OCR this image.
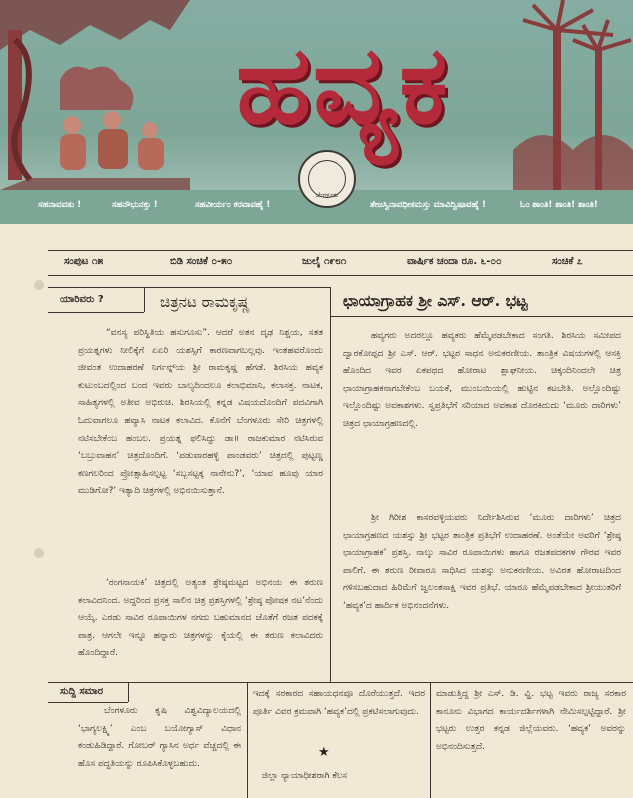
ಹವ್ಯಕ
ಸಹನಾವವತು !	ಸಹನೌಭುನಕ್ತು !	ಸಹವೀರ್ಯಂ ಕರವಾವಹೈ !	ತೇಜಸ್ವಿನಾವಧೀತಮಸ್ತು ಮಾವಿದ್ವಿಷಾವಹೈ !	ಓಂ ಶಾಂತಿ! ಶಾಂತಿ! ಶಾಂತಿ!
ಬೆಂಗಳೂರು
ಸಂಪುಟ ೧೫	ಬಿಡಿ ಸಂಚಿಕೆ ೦-೫೦	ಜುಲೈ ೧೯೮೧	ವಾರ್ಷಿಕ ಚಂದಾ ರೂ. ೬-೦೦	ಸಂಚಿಕೆ ೭
ಯಾರಿವರು ?	ಚಿತ್ರನಟ ರಾಮಕೃಷ್ಣ

“ವನಸ್ಯ ಪರಿಸ್ಥಿತಿಯ ಹಸುಗೂಸು”. ಆದರೆ ಅತನ ದೃಢ ನಿಶ್ಚಯ, ಸತತ ಪ್ರಯತ್ನಗಳು ನೀಲಿಕ್ಕೆಗೆ ಏಏರಿ ಯಶಸ್ಸಿಗೆ ಕಾರಣವಾಗಬಲ್ಲವು. ಇಂತಹವರೊಂದು ಜೀವಂತ ಉದಾಹರಣೆ ನಿರ್ಗನ್ನ್‌ಯ ಶ್ರೀ ರಾಮಕೃಷ್ಣ ಹೆಗಡೆ. ಶಿರಸಿಯ ಹವ್ಯಕ ಕುಟುಂಬದಲ್ಲಿಂದ ಬಂದ ಇವರು ಬಾಲ್ಯದಿಂದಲೂ ಕಲಾಭಿಮಾನಿ, ಕಲಾಸಕ್ತ. ನಾಟಕ, ಸಾಹಿತ್ಯಗಳಲ್ಲಿ ಅತೀವ ಅಭಿರುಚಿ. ಶಿರಸಿಯಲ್ಲಿ ಕನ್ನಡ ವಿಷಯದೊಂದಿಗೆ ಪದವಿಗಾಗಿ ಓದುವಾಗಲೂ ಹವ್ಯಾಸಿ ನಾಟಕ ಕಲಾವಿದ. ಕೊನೆಗೆ ಬೆಂಗಳೂರು ಸೇರಿ ಚಿತ್ರಗಳಲ್ಲಿ ನಟಿಸಬೇಕೆಂಬ ಹಂಬಲ. ಪ್ರಯತ್ನ ಫಲಿಸಿದ್ದು ಡಾ॥ ರಾಜಕುಮಾರ ನಟಿಸಿರುವ ‘ಬಬ್ರುವಾಹನ’ ಚಿತ್ರದೊಂದಿಗೆ. ‘ಪಡುವಾರಹಳ್ಳಿ ಪಾಂಡವರು’ ಚಿತ್ರದಲ್ಲಿ ಪುಟ್ಟಣ್ಣ ಕಣಗಲರಿಂದ ಪ್ರೋತ್ಸಾಹಿಸಲ್ಪಟ್ಟ ‘ಸಬ್ಬಸಟ್ಟಕ್ಕ ನಾನೇನು?’, ‘ಯಾವ ಹೂವು ಯಾರ ಮುಡಿಗೋ?’ ಇತ್ಯಾದಿ ಚಿತ್ರಗಳಲ್ಲಿ ಅಭಿನಯಿಸುತ್ತಾನೆ.

‘ರಂಗನಾಯಕಿ’ ಚಿತ್ರದಲ್ಲಿ ಅತ್ಯಂತ ಶ್ರೇಷ್ಠಮಟ್ಟದ ಅಭಿನಯ ಈ ತರುಣ ಕಲಾವಿದನಿಂದ. ಅದ್ದರಿಂದ ಪ್ರಸಕ್ತ ಸಾಲಿನ ಚಿತ್ರ ಪ್ರಶಸ್ತಿಗಳಲ್ಲಿ ‘ಶ್ರೇಷ್ಠ ಪೋಷಕ ನಟ’ನೆಂದು ಆಯ್ಕೆ. ಎರಡು ಸಾವಿರ ರೂಪಾಯಿಗಳ ನಗದು ಬಹುಮಾನದ ಜೊತೆಗೆ ರಜತ ಪದಕಕ್ಕೆ ಪಾತ್ರ. ಆಗಲೇ ಇನ್ನೂ ಹನ್ನಾರು ಚಿತ್ರಗಳನ್ನು ಕೈಯಲ್ಲಿ ಈ ತರುಣ ಕಲಾವಿದರು ಹೊಂದಿದ್ದಾರೆ.

ಛಾಯಾಗ್ರಾಹಕ ಶ್ರೀ ಎಸ್. ಆರ್. ಭಟ್ಟ

ಹವ್ಯಗರು ಅದರಲ್ಲೂ ಹವ್ಯಕರು ಹೆಮ್ಮೆಪಡಬೇಕಾದ ಸಂಗತಿ. ಶಿರಸಿಯ ಸಮೀಪದ ದ್ವಾರಕೋಪ್ಪದ ಶ್ರೀ ಎಸ್. ಆರ್. ಭಟ್ಟರ ಸಾಧನ ಅನುಕರಣೀಯ. ತಾಂತ್ರಿಕ ವಿಷಯಗಳಲ್ಲಿ ಆಸಕ್ತಿ ಹೊಂದಿದ ಇವರ ಏಕಪಥದ ಹೋರಾಟ ಶ್ಲಾಘನೀಯ. ಚಿಕ್ಕಂದಿನಿಂದಲೇ ಚಿತ್ರ ಛಾಯಾಗ್ರಾಹಕನಾಗಬೇಕೆಂಬ ಬಯಕೆ, ಮುಂಬಯಿಯಲ್ಲಿ ಹುಟ್ಟಿನ ಕಟಬೇತಿ. ಅಲ್ಲೊಂದಿಷ್ಟು ಇಲ್ಲೊಂದಿಷ್ಟು ಅವಕಾಶಗಳು. ಸ್ವಪ್ರತಿಭೆಗೆ ಸರಿಯಾದ ಅವಕಾಶ ದೊರಕಿದುದು ‘ಮೂರು ದಾರಿಗಳು’ ಚಿತ್ರದ ಛಾಯಾಗ್ರಹಣದಲ್ಲಿ.

ಶ್ರೀ ಗಿರೀಶ ಕಾಸರವಳ್ಳಿಯವರು ನಿರ್ದೇಶಿಸಿರುವ ‘ಮೂರು ದಾರಿಗಳು’ ಚಿತ್ರದ ಛಾಯಾಗ್ರಹಣದ ಯಶಸ್ಸು ಶ್ರೀ ಭಟ್ಟರ ತಾಂತ್ರಿಕ ಪ್ರತಿಭೆಗೆ ಉದಾಹರಣೆ. ಅಂತೆಯೇ ಅವರಿಗೆ ‘ಶ್ರೇಷ್ಠ ಛಾಯಾಗ್ರಾಹಕ’ ಪ್ರಶಸ್ತಿ. ನಾಲ್ಕು ಸಾವಿರ ರೂಪಾಯಿಗಳು ಹಾಗೂ ರಜತಪದಕಗಳ ಗೌರವ ಇವರ ಪಾಲಿಗೆ. ಈ ತರುಣ ರೀವಾರೂ ಸಾಧಿಸಿದ ಯಶಸ್ಸು ಅನುಕರಣೀಯ. ಅವಿರತ ಹೋರಾಟದಿಂದ ಗಳಿಸಬಹುದಾದ ಹಿರಿಮೆಗೆ ಜ್ವಲಂತಸಾಕ್ಷಿ ಇವರ ಪ್ರತಿಭೆ. ಯಾರೂ ಹೆಮ್ಮೆಪಡಬೇಕಾದ ಶ್ರೀಯುತರಿಗೆ ‘ಹವ್ಯಕ’ದ ಹಾರ್ದಿಕ ಅಭಿನಂದನೆಗಳು.

ಸುದ್ದಿ ಸಮಾರ

ಬೆಂಗಳೂರು ಕೃಷಿ ವಿಶ್ವವಿದ್ಯಾಲಯದಲ್ಲಿ ‘ಭಾಗ್ಯಲಕ್ಷ್ಮಿ’ ಎಂಬ ಬಯೋಗ್ಯಾಸ್ ವಿಧಾನ ಕಂಡುಹಿಡಿದ್ದಾರೆ. ಗೋಬರ್ ಗ್ಯಾಸಿನ ಅರ್ಧ ವೆಚ್ಚದಲ್ಲಿ ಈ ಹೊಸ ಪದ್ಧತಿಯನ್ನು ರೂಪಿಸಿಕೊಳ್ಳಬಹುದು.

ಇದಕ್ಕೆ ಸರಕಾರದ ಸಹಾಯಧನವೂ ದೊರೆಯುತ್ತದೆ. ಇದರ ಪೂರ್ತಿ ವಿವರ ಕ್ರಮವಾಗಿ ‘ಹವ್ಯಕ’ದಲ್ಲಿ ಪ್ರಕಟಿಸಲಾಗುವುದು.

★

ಜಿಲ್ಲಾ ನ್ಯಾಯಾಧೀಶರಾಗಿ ಕೆಲಸ

ಮಾಡುತ್ತಿದ್ದ ಶ್ರೀ ಎಸ್. ಡಿ. ವ್ಹಿ. ಭಟ್ಟ ಇವರು ರಾಜ್ಯ ಸರಕಾರ ಕಾನೂನು ವಿಭಾಗದ ಕಾರ್ಯದರ್ಶಿಗಳಾಗಿ ನೇಮಿಸಲ್ಪಟ್ಟಿದ್ದಾರೆ. ಶ್ರೀ ಭಟ್ಟರು ಉತ್ತರ ಕನ್ನಡ ಜಿಲ್ಲೆಯವರು. ‘ಹವ್ಯಕ’ ಅವರನ್ನು ಅಭಿನಂದಿಸುತ್ತದೆ.
